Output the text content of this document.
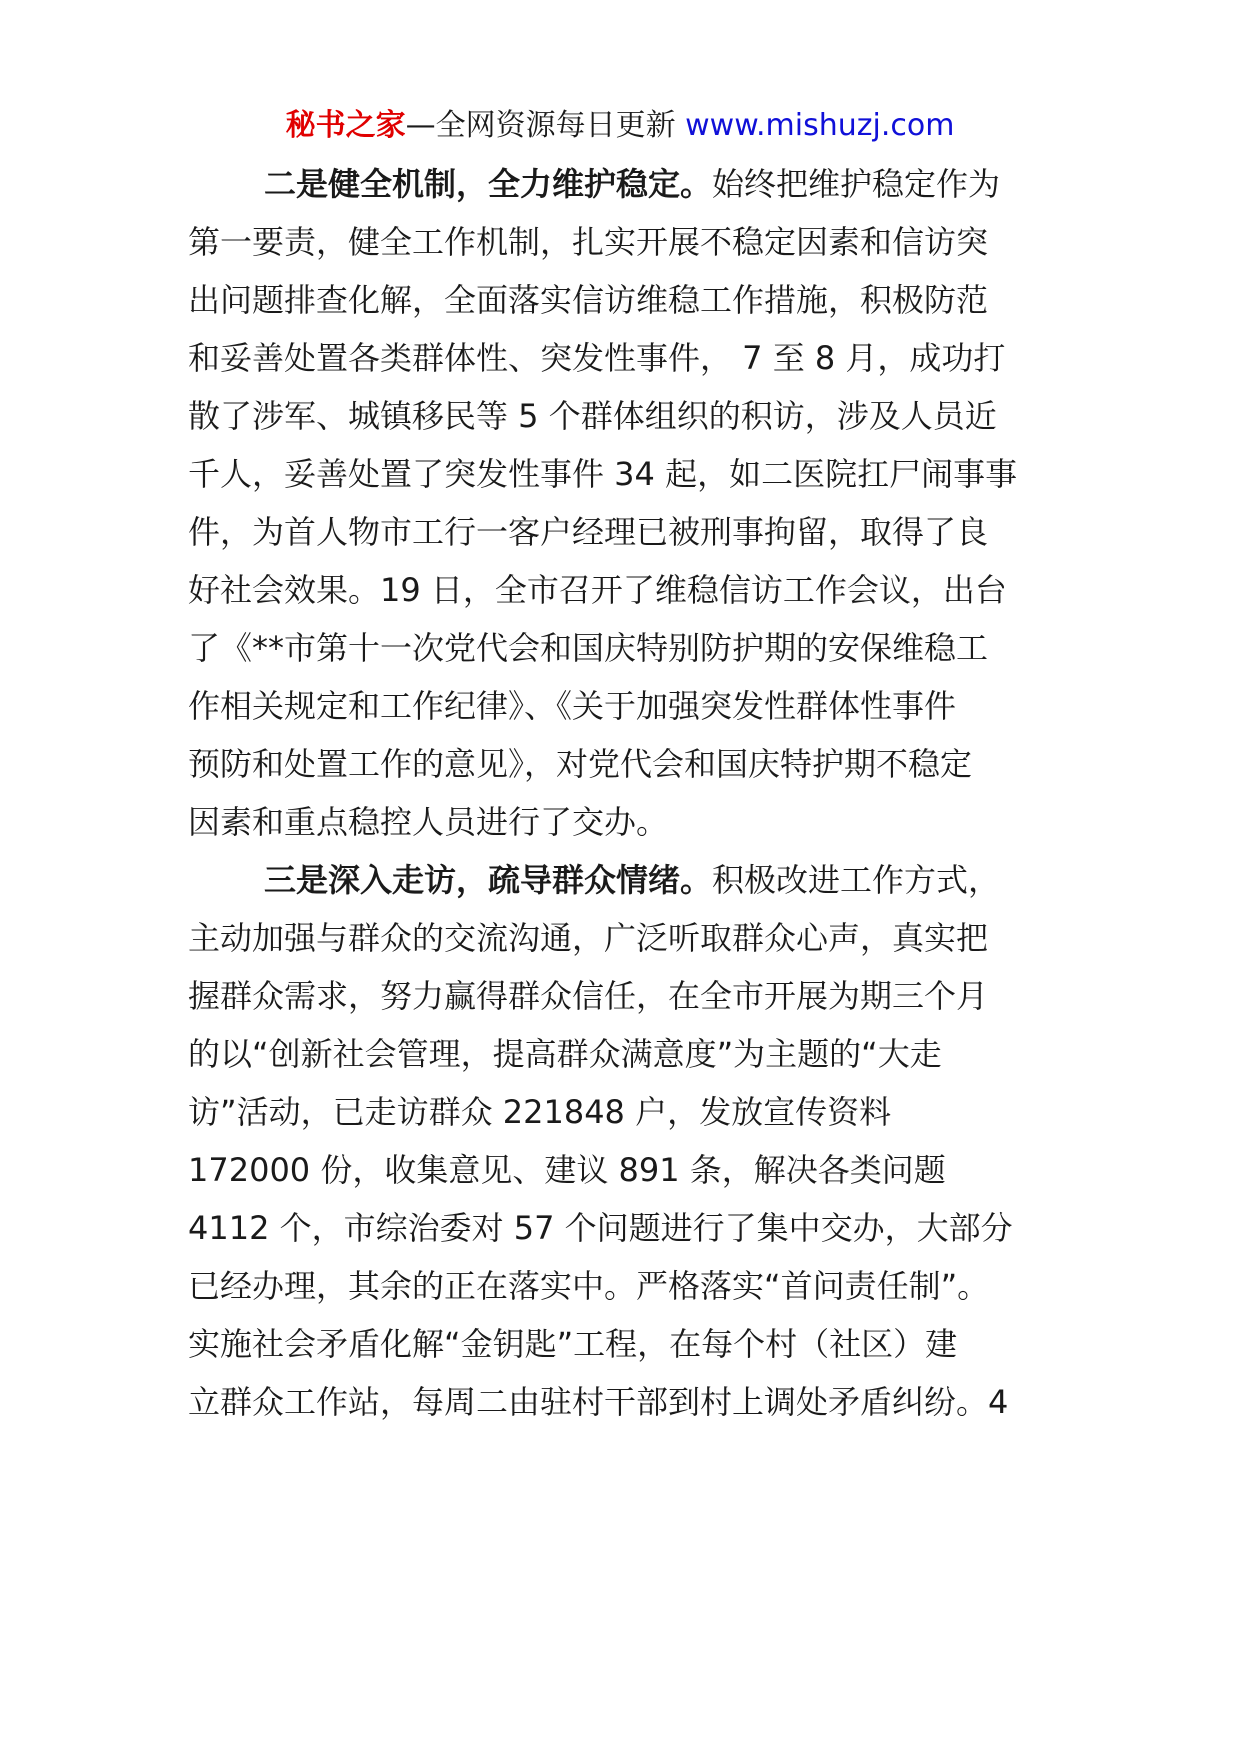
秘书之家—全网资源每日更新 www.mishuzj.com
二是健全机制，全力维护稳定。始终把维护稳定作为
第一要责，健全工作机制，扎实开展不稳定因素和信访突
出问题排查化解，全面落实信访维稳工作措施，积极防范
和妥善处置各类群体性、突发性事件， 7 至 8 月，成功打
散了涉军、城镇移民等 5 个群体组织的积访，涉及人员近
千人，妥善处置了突发性事件 34 起，如二医院扛尸闹事事
件，为首人物市工行一客户经理已被刑事拘留，取得了良
好社会效果。19 日，全市召开了维稳信访工作会议，出台
了《**市第十一次党代会和国庆特别防护期的安保维稳工
作相关规定和工作纪律》、《关于加强突发性群体性事件
预防和处置工作的意见》，对党代会和国庆特护期不稳定
因素和重点稳控人员进行了交办。
三是深入走访，疏导群众情绪。积极改进工作方式，
主动加强与群众的交流沟通，广泛听取群众心声，真实把
握群众需求，努力赢得群众信任，在全市开展为期三个月
的以“创新社会管理，提高群众满意度”为主题的“大走
访”活动，已走访群众 221848 户，发放宣传资料
172000 份，收集意见、建议 891 条，解决各类问题
4112 个，市综治委对 57 个问题进行了集中交办，大部分
已经办理，其余的正在落实中。严格落实“首问责任制”。
实施社会矛盾化解“金钥匙”工程，在每个村（社区）建
立群众工作站，每周二由驻村干部到村上调处矛盾纠纷。4
